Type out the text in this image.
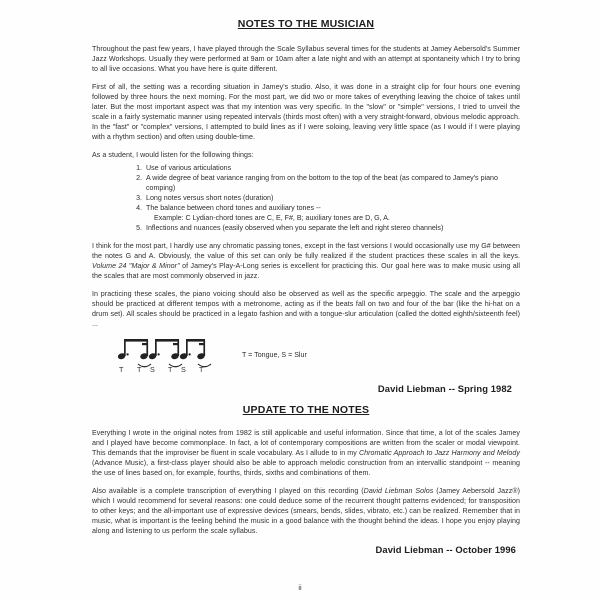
NOTES TO THE MUSICIAN

Throughout the past few years, I have played through the Scale Syllabus several times for the students at Jamey Aebersold's Summer Jazz Workshops. Usually they were performed at 9am or 10am after a late night and with an attempt at spontaneity which I try to bring to all live occasions. What you have here is quite different.

First of all, the setting was a recording situation in Jamey's studio. Also, it was done in a straight clip for four hours one evening followed by three hours the next morning. For the most part, we did two or more takes of everything leaving the choice of takes until later. But the most important aspect was that my intention was very specific. In the "slow" or "simple" versions, I tried to unveil the scale in a fairly systematic manner using repeated intervals (thirds most often) with a very straight-forward, obvious melodic approach. In the "fast" or "complex" versions, I attempted to build lines as if I were soloing, leaving very little space (as I would if I were playing with a rhythm section) and often using double-time.

As a student, I would listen for the following things:

1. Use of various articulations
2. A wide degree of beat variance ranging from on the bottom to the top of the beat (as compared to Jamey's piano comping)
3. Long notes versus short notes (duration)
4. The balance between chord tones and auxiliary tones --
Example: C Lydian-chord tones are C, E, F#, B; auxiliary tones are D, G, A.
5. Inflections and nuances (easily observed when you separate the left and right stereo channels)

I think for the most part, I hardly use any chromatic passing tones, except in the fast versions I would occasionally use my G# between the notes G and A. Obviously, the value of this set can only be fully realized if the student practices these scales in all the keys. Volume 24 "Major & Minor" of Jamey's Play-A-Long series is excellent for practicing this. Our goal here was to make music using all the scales that are most commonly observed in jazz.

In practicing these scales, the piano voicing should also be observed as well as the specific arpeggio. The scale and the arpeggio should be practiced at different tempos with a metronome, acting as if the beats fall on two and four of the bar (like the hi-hat on a drum set). All scales should be practiced in a legato fashion and with a tongue-slur articulation (called the dotted eighth/sixteenth feel) ...

T T S T S T
T = Tongue, S = Slur
David Liebman -- Spring 1982
UPDATE TO THE NOTES

Everything I wrote in the original notes from 1982 is still applicable and useful information. Since that time, a lot of the scales Jamey and I played have become commonplace. In fact, a lot of contemporary compositions are written from the scaler or modal viewpoint. This demands that the improviser be fluent in scale vocabulary. As I allude to in my Chromatic Approach to Jazz Harmony and Melody (Advance Music), a first-class player should also be able to approach melodic construction from an intervallic standpoint -- meaning the use of lines based on, for example, fourths, thirds, sixths and combinations of them.

Also available is a complete transcription of everything I played on this recording (David Liebman Solos (Jamey Aebersold Jazz®) which I would recommend for several reasons: one could deduce some of the recurrent thought patterns evidenced; for transposition to other keys; and the all-important use of expressive devices (smears, bends, slides, vibrato, etc.) can be realized. Remember that in music, what is important is the feeling behind the music in a good balance with the thought behind the ideas. I hope you enjoy playing along and listening to us perform the scale syllabus.

David Liebman -- October 1996
ii
